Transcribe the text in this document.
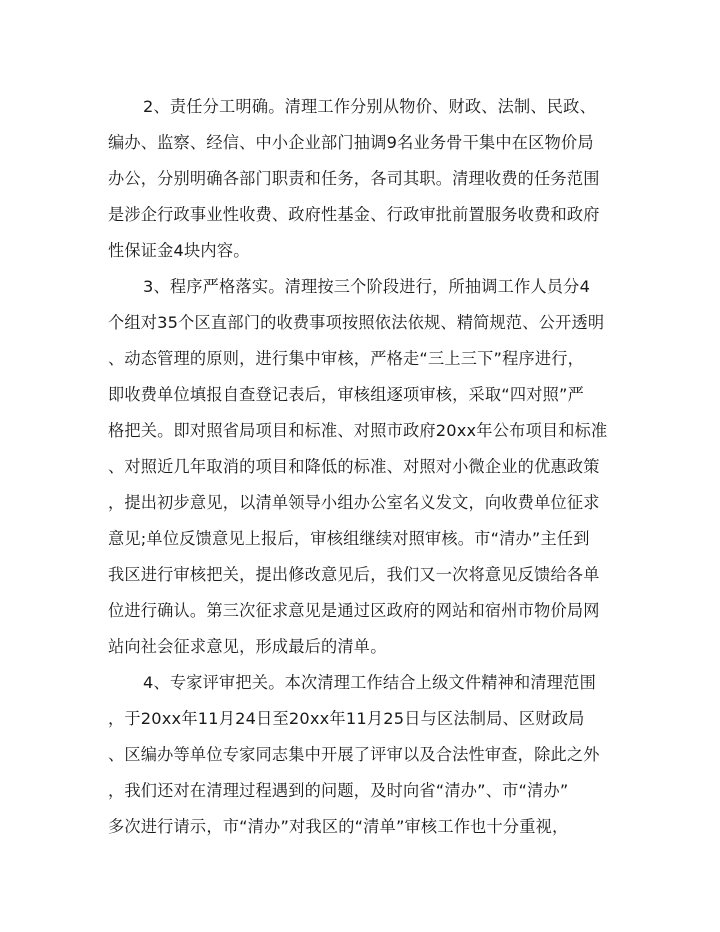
2、责任分工明确。清理工作分别从物价、财政、法制、民政、
编办、监察、经信、中小企业部门抽调9名业务骨干集中在区物价局
办公，分别明确各部门职责和任务，各司其职。清理收费的任务范围
是涉企行政事业性收费、政府性基金、行政审批前置服务收费和政府
性保证金4块内容。
3、程序严格落实。清理按三个阶段进行，所抽调工作人员分4
个组对35个区直部门的收费事项按照依法依规、精简规范、公开透明
、动态管理的原则，进行集中审核，严格走“三上三下”程序进行，
即收费单位填报自查登记表后，审核组逐项审核，采取“四对照”严
格把关。即对照省局项目和标准、对照市政府20xx年公布项目和标准
、对照近几年取消的项目和降低的标准、对照对小微企业的优惠政策
，提出初步意见，以清单领导小组办公室名义发文，向收费单位征求
意见;单位反馈意见上报后，审核组继续对照审核。市“清办”主任到
我区进行审核把关，提出修改意见后，我们又一次将意见反馈给各单
位进行确认。第三次征求意见是通过区政府的网站和宿州市物价局网
站向社会征求意见，形成最后的清单。
4、专家评审把关。本次清理工作结合上级文件精神和清理范围
，于20xx年11月24日至20xx年11月25日与区法制局、区财政局
、区编办等单位专家同志集中开展了评审以及合法性审查，除此之外
，我们还对在清理过程遇到的问题，及时向省“清办”、市“清办”
多次进行请示，市“清办”对我区的“清单”审核工作也十分重视，
